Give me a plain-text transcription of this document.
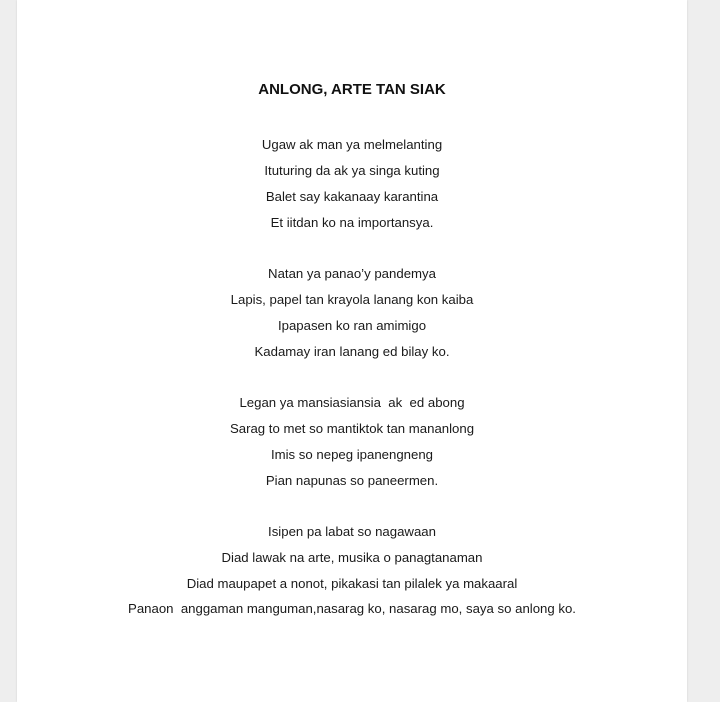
ANLONG, ARTE TAN SIAK

Ugaw ak man ya melmelanting

Ituturing da ak ya singa kuting

Balet say kakanaay karantina

Et iitdan ko na importansya.

Natan ya panao’y pandemya

Lapis, papel tan krayola lanang kon kaiba

Ipapasen ko ran amimigo

Kadamay iran lanang ed bilay ko.

Legan ya mansiasiansia  ak  ed abong

Sarag to met so mantiktok tan mananlong

Imis so nepeg ipanengneng

Pian napunas so paneermen.

Isipen pa labat so nagawaan

Diad lawak na arte, musika o panagtanaman

Diad maupapet a nonot, pikakasi tan pilalek ya makaaral

Panaon  anggaman manguman,nasarag ko, nasarag mo, saya so anlong ko.
